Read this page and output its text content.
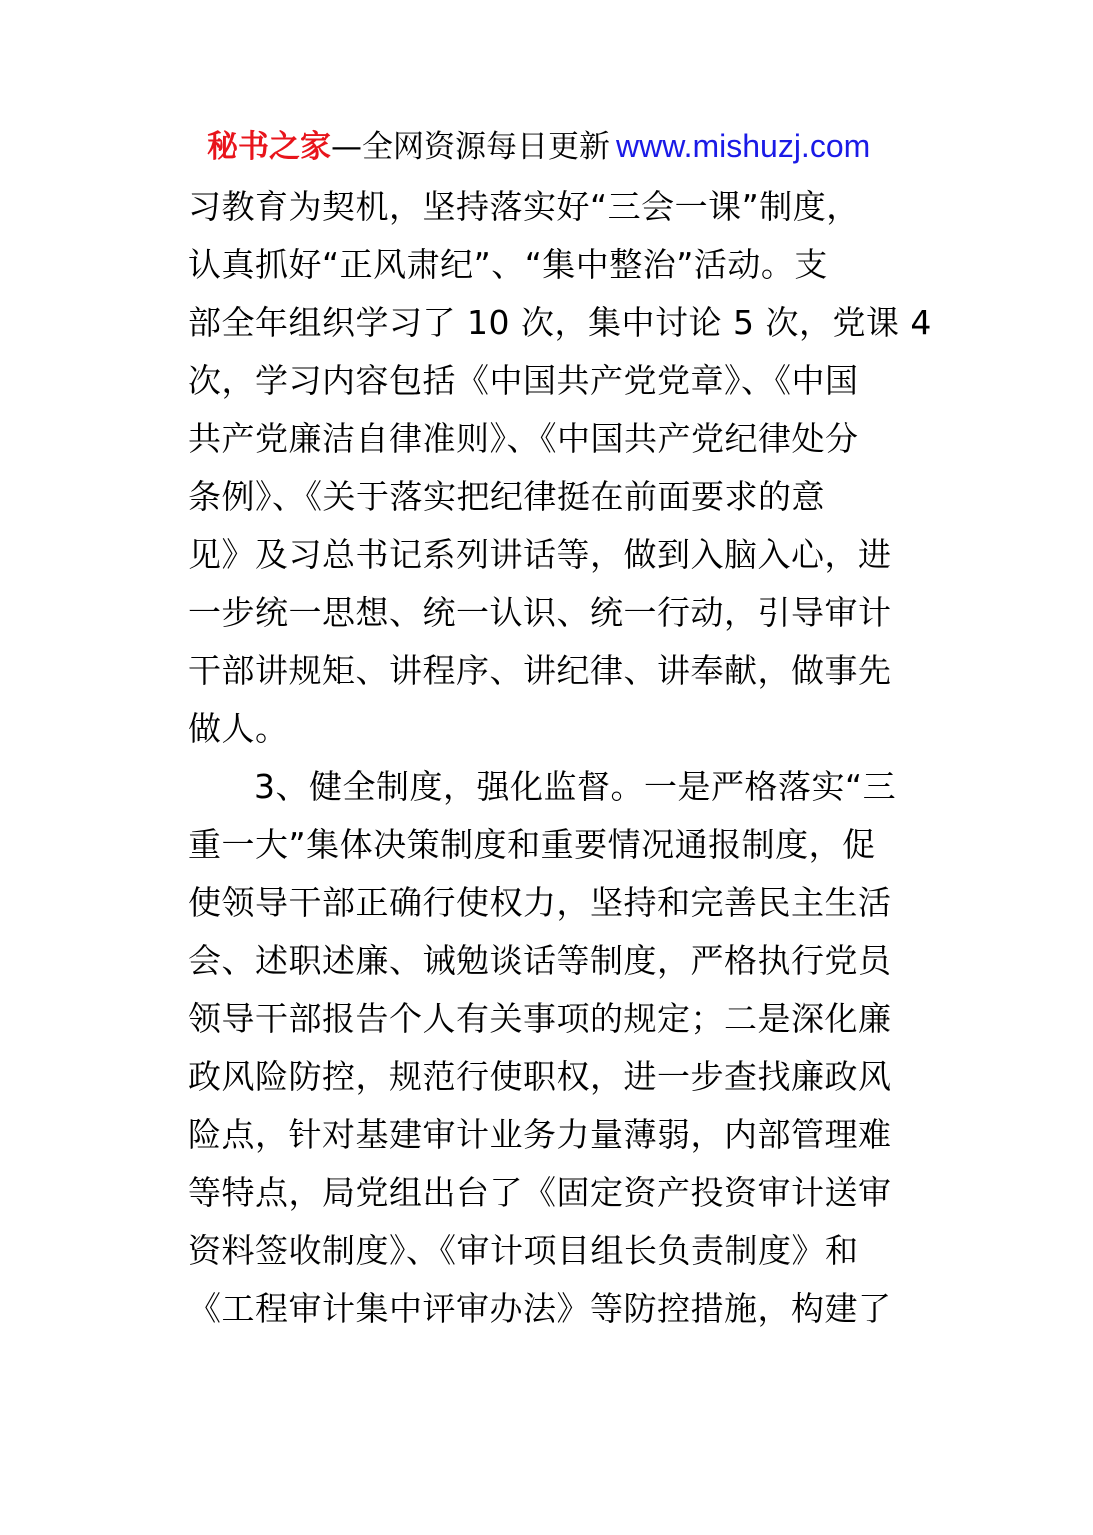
秘书之家—全网资源每日更新 www.mishuzj.com
习教育为契机，坚持落实好“三会一课”制度，
认真抓好“正风肃纪”、“集中整治”活动。支
部全年组织学习了 10 次，集中讨论 5 次，党课 4
次，学习内容包括《中国共产党党章》、《中国
共产党廉洁自律准则》、《中国共产党纪律处分
条例》、《关于落实把纪律挺在前面要求的意
见》及习总书记系列讲话等，做到入脑入心，进
一步统一思想、统一认识、统一行动，引导审计
干部讲规矩、讲程序、讲纪律、讲奉献，做事先
做人。
3、健全制度，强化监督。一是严格落实“三
重一大”集体决策制度和重要情况通报制度，促
使领导干部正确行使权力，坚持和完善民主生活
会、述职述廉、诫勉谈话等制度，严格执行党员
领导干部报告个人有关事项的规定；二是深化廉
政风险防控，规范行使职权，进一步查找廉政风
险点，针对基建审计业务力量薄弱，内部管理难
等特点，局党组出台了《固定资产投资审计送审
资料签收制度》、《审计项目组长负责制度》和
《工程审计集中评审办法》等防控措施，构建了
